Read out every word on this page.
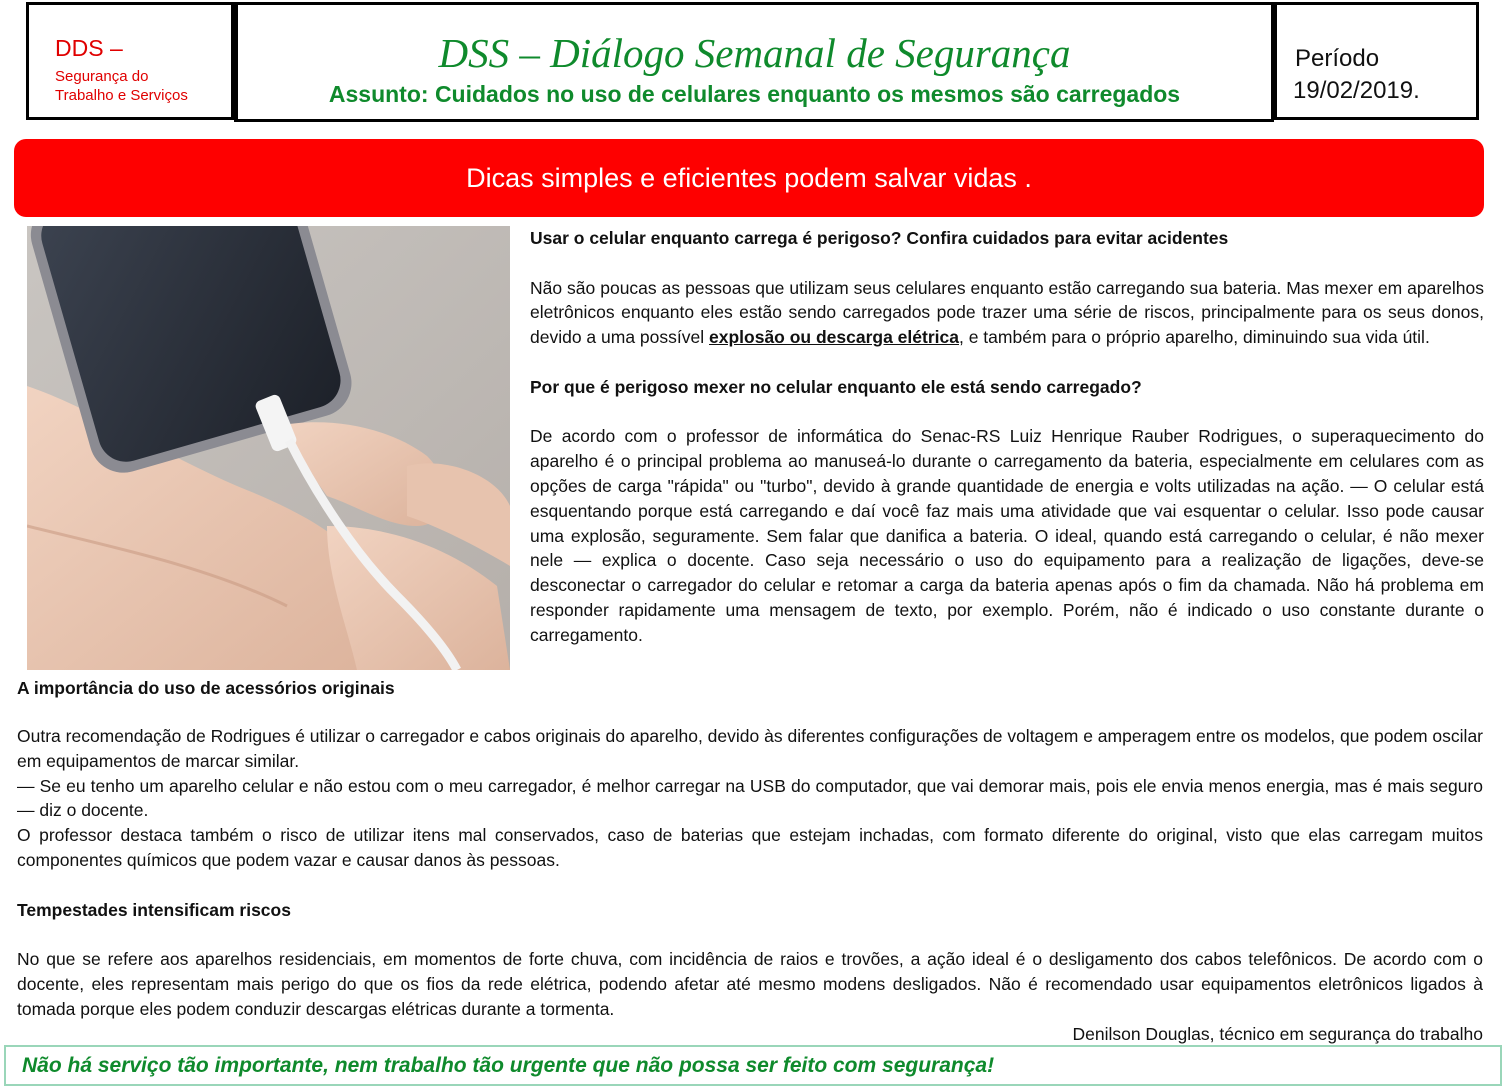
DDS –
Segurança do
Trabalho e Serviços
DSS – Diálogo Semanal de Segurança
Assunto: Cuidados no uso de celulares enquanto os mesmos são carregados
Período
19/02/2019.
Dicas simples e eficientes podem salvar vidas .

Usar o celular enquanto carrega é perigoso? Confira cuidados para evitar acidentes

Não são poucas as pessoas que utilizam seus celulares enquanto estão carregando sua bateria. Mas mexer em aparelhos eletrônicos enquanto eles estão sendo carregados pode trazer uma série de riscos, principalmente para os seus donos, devido a uma possível explosão ou descarga elétrica, e também para o próprio aparelho, diminuindo sua vida útil.

Por que é perigoso mexer no celular enquanto ele está sendo carregado?

De acordo com o professor de informática do Senac-RS Luiz Henrique Rauber Rodrigues, o superaquecimento do aparelho é o principal problema ao manuseá-lo durante o carregamento da bateria, especialmente em celulares com as opções de carga "rápida" ou "turbo", devido à grande quantidade de energia e volts utilizadas na ação. — O celular está esquentando porque está carregando e daí você faz mais uma atividade que vai esquentar o celular. Isso pode causar uma explosão, seguramente. Sem falar que danifica a bateria. O ideal, quando está carregando o celular, é não mexer nele — explica o docente. Caso seja necessário o uso do equipamento para a realização de ligações, deve-se desconectar o carregador do celular e retomar a carga da bateria apenas após o fim da chamada. Não há problema em responder rapidamente uma mensagem de texto, por exemplo. Porém, não é indicado o uso constante durante o carregamento.

A importância do uso de acessórios originais

Outra recomendação de Rodrigues é utilizar o carregador e cabos originais do aparelho, devido às diferentes configurações de voltagem e amperagem entre os modelos, que podem oscilar em equipamentos de marcar similar.

— Se eu tenho um aparelho celular e não estou com o meu carregador, é melhor carregar na USB do computador, que vai demorar mais, pois ele envia menos energia, mas é mais seguro — diz o docente.

O professor destaca também o risco de utilizar itens mal conservados, caso de baterias que estejam inchadas, com formato diferente do original, visto que elas carregam muitos componentes químicos que podem vazar e causar danos às pessoas.

Tempestades intensificam riscos

No que se refere aos aparelhos residenciais, em momentos de forte chuva, com incidência de raios e trovões, a ação ideal é o desligamento dos cabos telefônicos. De acordo com o docente, eles representam mais perigo do que os fios da rede elétrica, podendo afetar até mesmo modens desligados. Não é recomendado usar equipamentos eletrônicos ligados à tomada porque eles podem conduzir descargas elétricas durante a tormenta.

Denilson Douglas, técnico em segurança do trabalho

Não há serviço tão importante, nem trabalho tão urgente que não possa ser feito com segurança!
